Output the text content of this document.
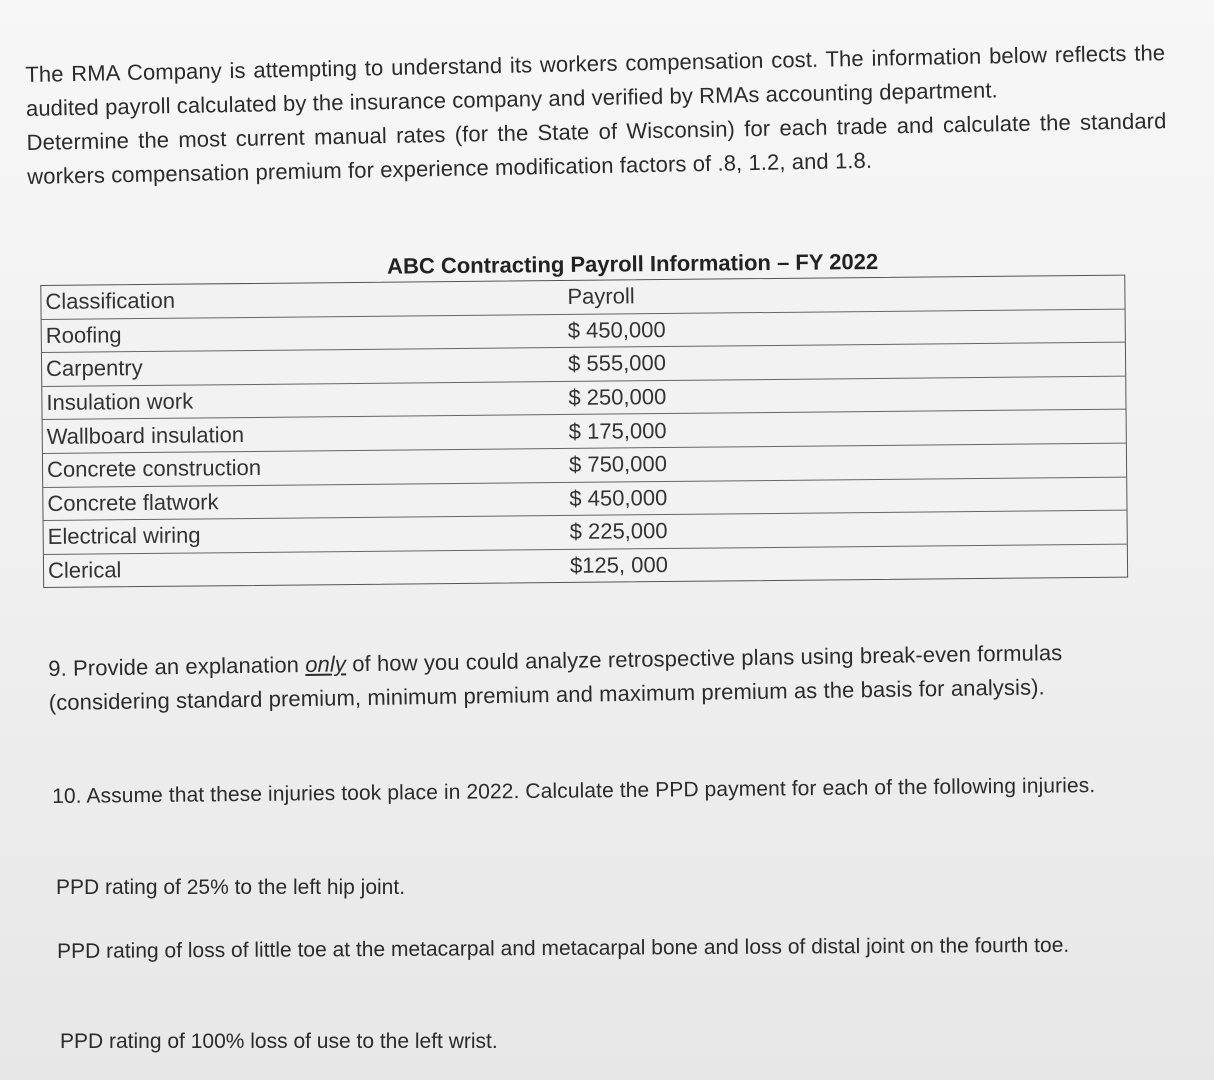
The RMA Company is attempting to understand its workers compensation cost. The information below reflects the audited payroll calculated by the insurance company and verified by RMAs accounting department.

Determine the most current manual rates (for the State of Wisconsin) for each trade and calculate the standard workers compensation premium for experience modification factors of .8, 1.2, and 1.8.

ABC Contracting Payroll Information – FY 2022
Classification	Payroll
Roofing	$ 450,000
Carpentry	$ 555,000
Insulation work	$ 250,000
Wallboard insulation	$ 175,000
Concrete construction	$ 750,000
Concrete flatwork	$ 450,000
Electrical wiring	$ 225,000
Clerical	$125, 000
9. Provide an explanation only of how you could analyze retrospective plans using break-even formulas (considering standard premium, minimum premium and maximum premium as the basis for analysis).
10. Assume that these injuries took place in 2022. Calculate the PPD payment for each of the following injuries.
PPD rating of 25% to the left hip joint.
PPD rating of loss of little toe at the metacarpal and metacarpal bone and loss of distal joint on the fourth toe.
PPD rating of 100% loss of use to the left wrist.
